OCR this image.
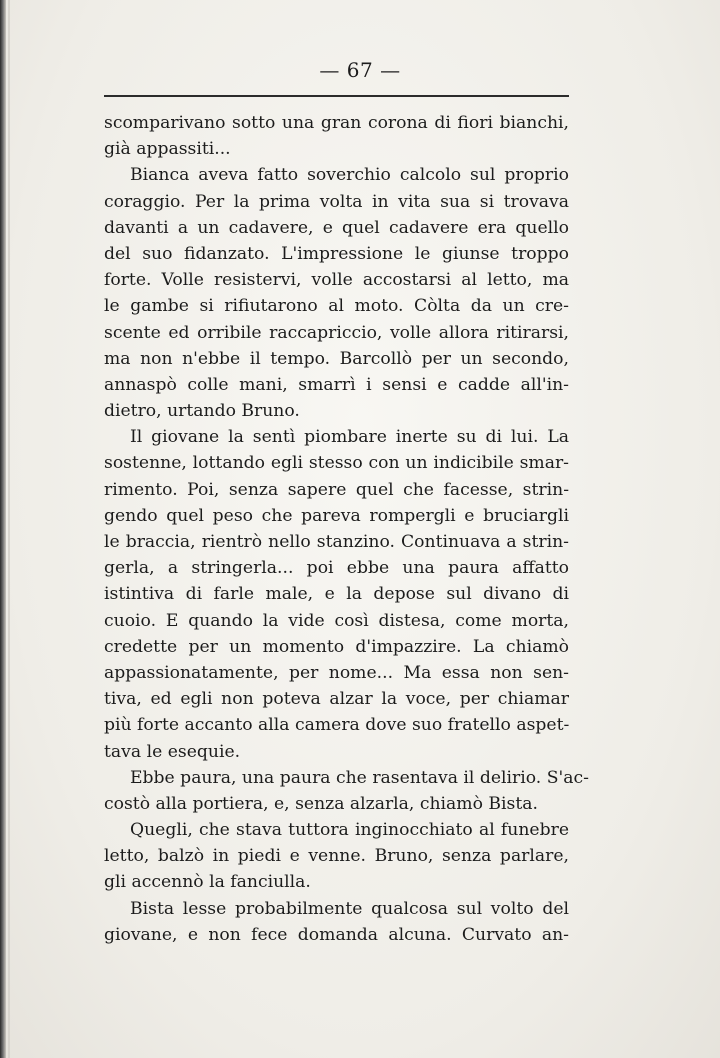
— 67 —
scomparivano sotto una gran corona di fiori bianchi,
già appassiti...
Bianca aveva fatto soverchio calcolo sul proprio
coraggio. Per la prima volta in vita sua si trovava
davanti a un cadavere, e quel cadavere era quello
del suo fidanzato. L'impressione le giunse troppo
forte. Volle resistervi, volle accostarsi al letto, ma
le gambe si rifiutarono al moto. Còlta da un cre-
scente ed orribile raccapriccio, volle allora ritirarsi,
ma non n'ebbe il tempo. Barcollò per un secondo,
annaspò colle mani, smarrì i sensi e cadde all'in-
dietro, urtando Bruno.
Il giovane la sentì piombare inerte su di lui. La
sostenne, lottando egli stesso con un indicibile smar-
rimento. Poi, senza sapere quel che facesse, strin-
gendo quel peso che pareva rompergli e bruciargli
le braccia, rientrò nello stanzino. Continuava a strin-
gerla, a stringerla... poi ebbe una paura affatto
istintiva di farle male, e la depose sul divano di
cuoio. E quando la vide così distesa, come morta,
credette per un momento d'impazzire. La chiamò
appassionatamente, per nome... Ma essa non sen-
tiva, ed egli non poteva alzar la voce, per chiamar
più forte accanto alla camera dove suo fratello aspet-
tava le esequie.
Ebbe paura, una paura che rasentava il delirio. S'ac-
costò alla portiera, e, senza alzarla, chiamò Bista.
Quegli, che stava tuttora inginocchiato al funebre
letto, balzò in piedi e venne. Bruno, senza parlare,
gli accennò la fanciulla.
Bista lesse probabilmente qualcosa sul volto del
giovane, e non fece domanda alcuna. Curvato an-
